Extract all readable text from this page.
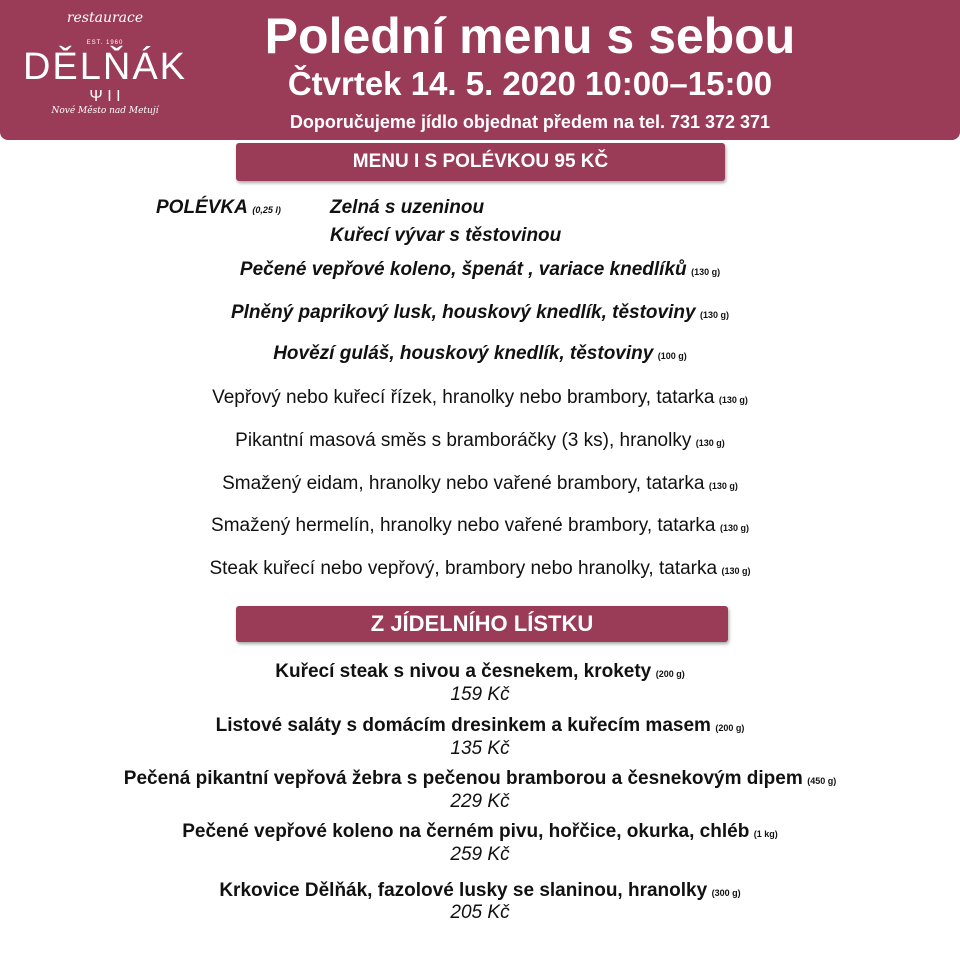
restaurace
EST. 1960
DĚLŇÁK
Ψ Ι Ι
Nové Město nad Metují
Polední menu s sebou
Čtvrtek 14. 5. 2020 10:00–15:00
Doporučujeme jídlo objednat předem na tel. 731 372 371
MENU I S POLÉVKOU 95 KČ
POLÉVKA (0,25 l)	Zelná s uzeninou
Kuřecí vývar s těstovinou
Pečené vepřové koleno, špenát , variace knedlíků (130 g)
Plněný paprikový lusk, houskový knedlík, těstoviny (130 g)
Hovězí guláš, houskový knedlík, těstoviny (100 g)
Vepřový nebo kuřecí řízek, hranolky nebo brambory, tatarka (130 g)
Pikantní masová směs s bramboráčky (3 ks), hranolky (130 g)
Smažený eidam, hranolky nebo vařené brambory, tatarka (130 g)
Smažený hermelín, hranolky nebo vařené brambory, tatarka (130 g)
Steak kuřecí nebo vepřový, brambory nebo hranolky, tatarka (130 g)
Z JÍDELNÍHO LÍSTKU
Kuřecí steak s nivou a česnekem, krokety (200 g)
159 Kč
Listové saláty s domácím dresinkem a kuřecím masem (200 g)
135 Kč
Pečená pikantní vepřová žebra s pečenou bramborou a česnekovým dipem (450 g)
229 Kč
Pečené vepřové koleno na černém pivu, hořčice, okurka, chléb (1 kg)
259 Kč
Krkovice Dělňák, fazolové lusky se slaninou, hranolky (300 g)
205 Kč
